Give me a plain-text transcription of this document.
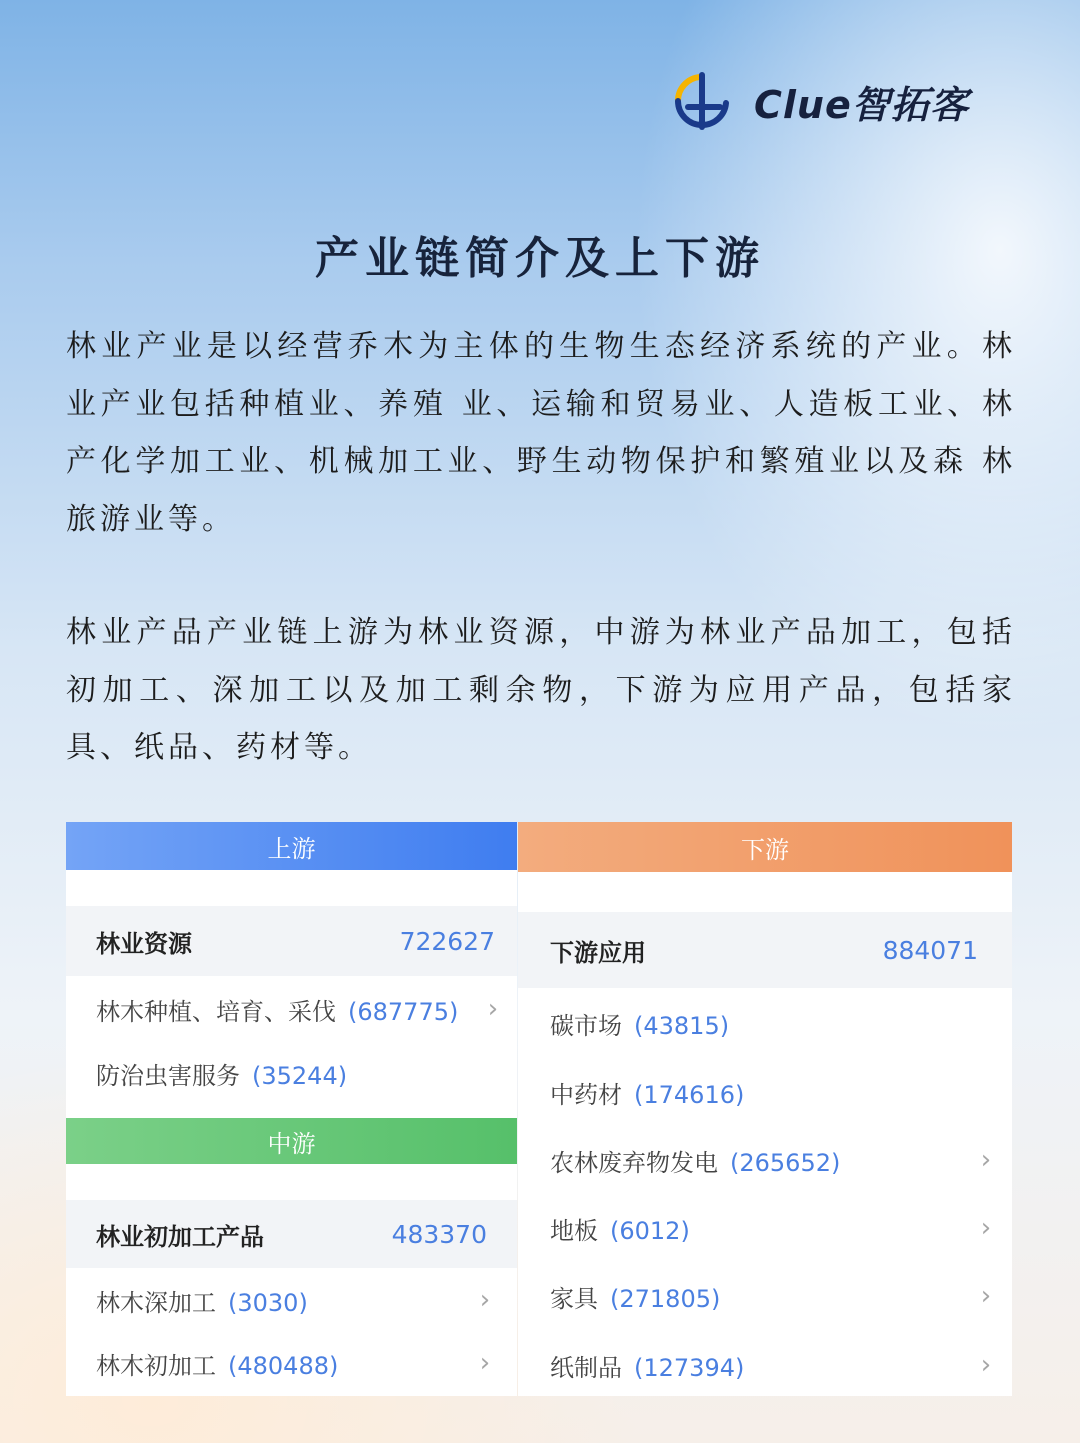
Clue智拓客
产业链简介及上下游

林业产业是以经营乔木为主体的生物生态经济系统的产业。林业产业包括种植业、养殖 业、运输和贸易业、人造板工业、林产化学加工业、机械加工业、野生动物保护和繁殖业以及森 林旅游业等。

林业产品产业链上游为林业资源，中游为林业产品加工，包括初加工、深加工以及加工剩余物，下游为应用产品，包括家具、纸品、药材等。

上游
林业资源	722627
林木种植、培育、采伐 (687775) ›
防治虫害服务 (35244)
中游
林业初加工产品	483370
林木深加工 (3030)	›
林木初加工 (480488)	›
下游
下游应用	884071
碳市场 (43815)
中药材 (174616)
农林废弃物发电 (265652)	›
地板 (6012)	›
家具 (271805)	›
纸制品 (127394)	›
